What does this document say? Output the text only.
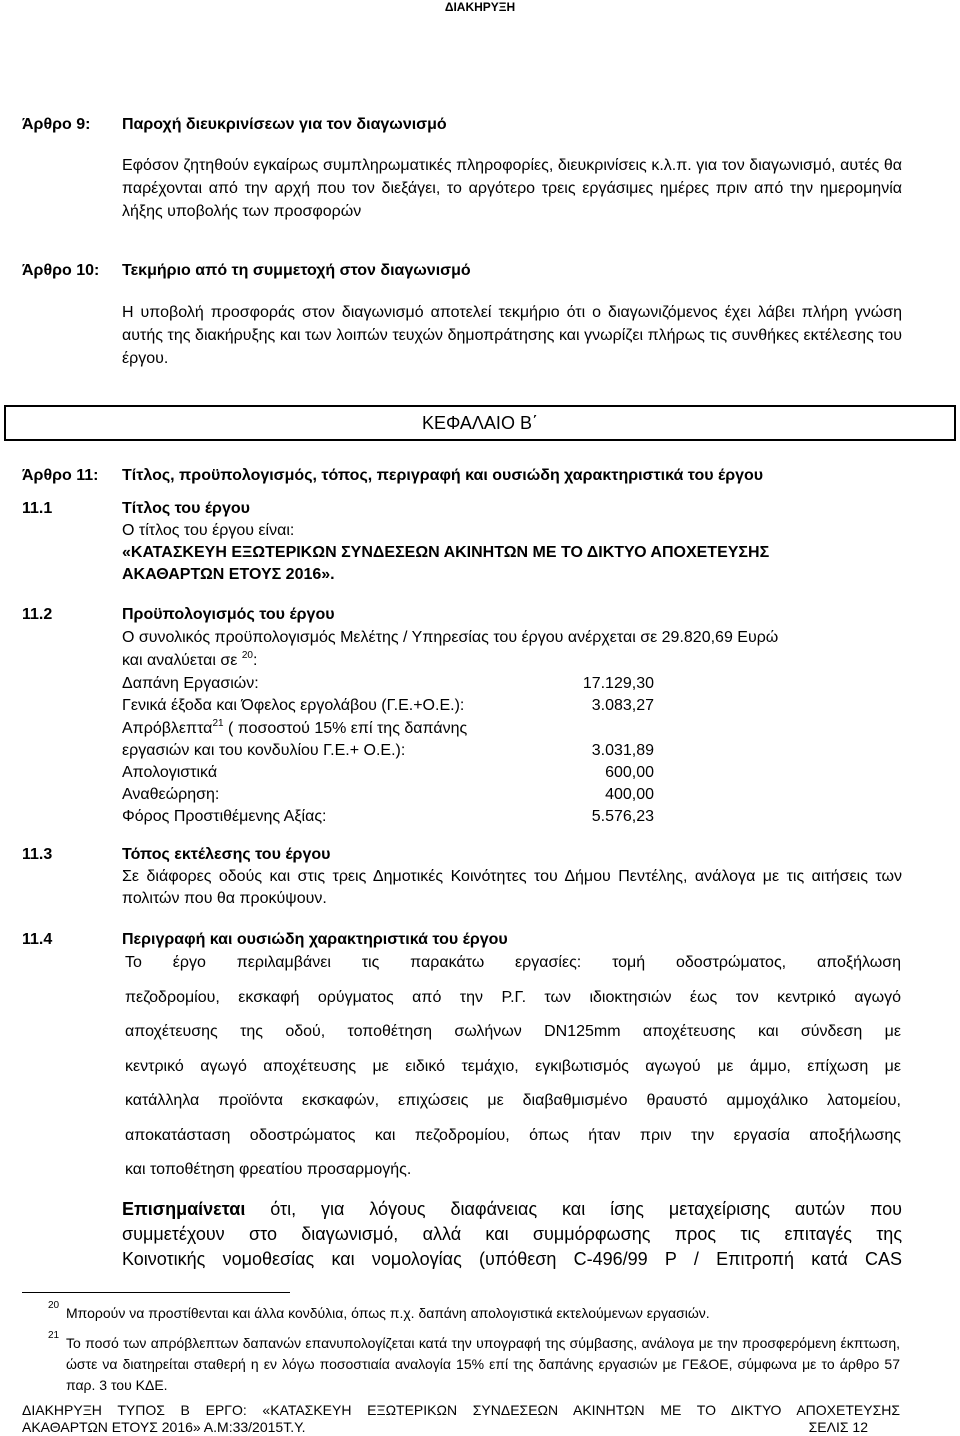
ΔΙΑΚΗΡΥΞΗ
Άρθρο 9: Παροχή διευκρινίσεων για τον διαγωνισμό
Εφόσον ζητηθούν εγκαίρως συμπληρωματικές πληροφορίες, διευκρινίσεις κ.λ.π. για τον διαγωνισμό, αυτές θα παρέχονται από την αρχή που τον διεξάγει, το αργότερο τρεις εργάσιμες ημέρες πριν από την ημερομηνία λήξης υποβολής των προσφορών
Άρθρο 10: Τεκμήριο από τη συμμετοχή στον διαγωνισμό
Η υποβολή προσφοράς στον διαγωνισμό αποτελεί τεκμήριο ότι ο διαγωνιζόμενος έχει λάβει πλήρη γνώση αυτής της διακήρυξης και των λοιπών τευχών δημοπράτησης και γνωρίζει πλήρως τις συνθήκες εκτέλεσης του έργου.
ΚΕΦΑΛΑΙΟ Β΄
Άρθρο 11: Τίτλος, προϋπολογισμός, τόπος, περιγραφή και ουσιώδη χαρακτηριστικά του έργου
11.1	Τίτλος του έργου
Ο τίτλος του έργου είναι:
«ΚΑΤΑΣΚΕΥΗ ΕΞΩΤΕΡΙΚΩΝ ΣΥΝΔΕΣΕΩΝ ΑΚΙΝΗΤΩΝ ΜΕ ΤΟ ΔΙΚΤΥΟ ΑΠΟΧΕΤΕΥΣΗΣ
ΑΚΑΘΑΡΤΩΝ ΕΤΟΥΣ 2016».
11.2	Προϋπολογισμός του έργου
Ο συνολικός προϋπολογισμός Μελέτης / Υπηρεσίας του έργου ανέρχεται σε 29.820,69 Ευρώ
και αναλύεται σε $^{20}$:
Δαπάνη Εργασιών:	17.129,30
Γενικά έξοδα και Όφελος εργολάβου (Γ.Ε.+Ο.Ε.):	3.083,27
Απρόβλεπτα$^{21}$ ( ποσοστού 15% επί της δαπάνης
εργασιών και του κονδυλίου Γ.Ε.+ Ο.Ε.):	3.031,89
Απολογιστικά	600,00
Αναθεώρηση:	400,00
Φόρος Προστιθέμενης Αξίας:	5.576,23
11.3	Τόπος εκτέλεσης του έργου
Σε διάφορες οδούς και στις τρεις Δημοτικές Κοινότητες του Δήμου Πεντέλης, ανάλογα με τις αιτήσεις των πολιτών που θα προκύψουν.
11.4	Περιγραφή και ουσιώδη χαρακτηριστικά του έργου
Το έργο περιλαμβάνει τις παρακάτω εργασίες: τομή οδοστρώματος, αποξήλωση
πεζοδρομίου, εκσκαφή ορύγματος από την Ρ.Γ. των ιδιοκτησιών έως τον κεντρικό αγωγό
αποχέτευσης της οδού, τοποθέτηση σωλήνων DN125mm αποχέτευσης και σύνδεση με
κεντρικό αγωγό αποχέτευσης με ειδικό τεμάχιο, εγκιβωτισμός αγωγού με άμμο, επίχωση με
κατάλληλα προϊόντα εκσκαφών, επιχώσεις με διαβαθμισμένο θραυστό αμμοχάλικο λατομείου,
αποκατάσταση οδοστρώματος και πεζοδρομίου, όπως ήταν πριν την εργασία αποξήλωσης
και τοποθέτηση φρεατίου προσαρμογής.
Επισημαίνεται ότι, για λόγους διαφάνειας και ίσης μεταχείρισης αυτών που
συμμετέχουν στο διαγωνισμό, αλλά και συμμόρφωσης προς τις επιταγές της
Κοινοτικής νομοθεσίας και νομολογίας (υπόθεση C-496/99 P / Επιτροπή κατά CAS
20 Μπορούν να προστίθενται και άλλα κονδύλια, όπως π.χ. δαπάνη απολογιστικά εκτελούμενων εργασιών.
21 Το ποσό των απρόβλεπτων δαπανών επανυπολογίζεται κατά την υπογραφή της σύμβασης, ανάλογα με την προσφερόμενη έκπτωση, ώστε να διατηρείται σταθερή η εν λόγω ποσοστιαία αναλογία 15% επί της δαπάνης εργασιών με ΓΕ&ΟΕ, σύμφωνα με το άρθρο 57 παρ. 3 του ΚΔΕ.
ΔΙΑΚΗΡΥΞΗ ΤΥΠΟΣ Β ΕΡΓΟ: «ΚΑΤΑΣΚΕΥΗ ΕΞΩΤΕΡΙΚΩΝ ΣΥΝΔΕΣΕΩΝ ΑΚΙΝΗΤΩΝ ΜΕ ΤΟ ΔΙΚΤΥΟ ΑΠΟΧΕΤΕΥΣΗΣ
ΑΚΑΘΑΡΤΩΝ ΕΤΟΥΣ 2016» Α.Μ:33/2015Τ.Υ.	ΣΕΛΙΣ 12
